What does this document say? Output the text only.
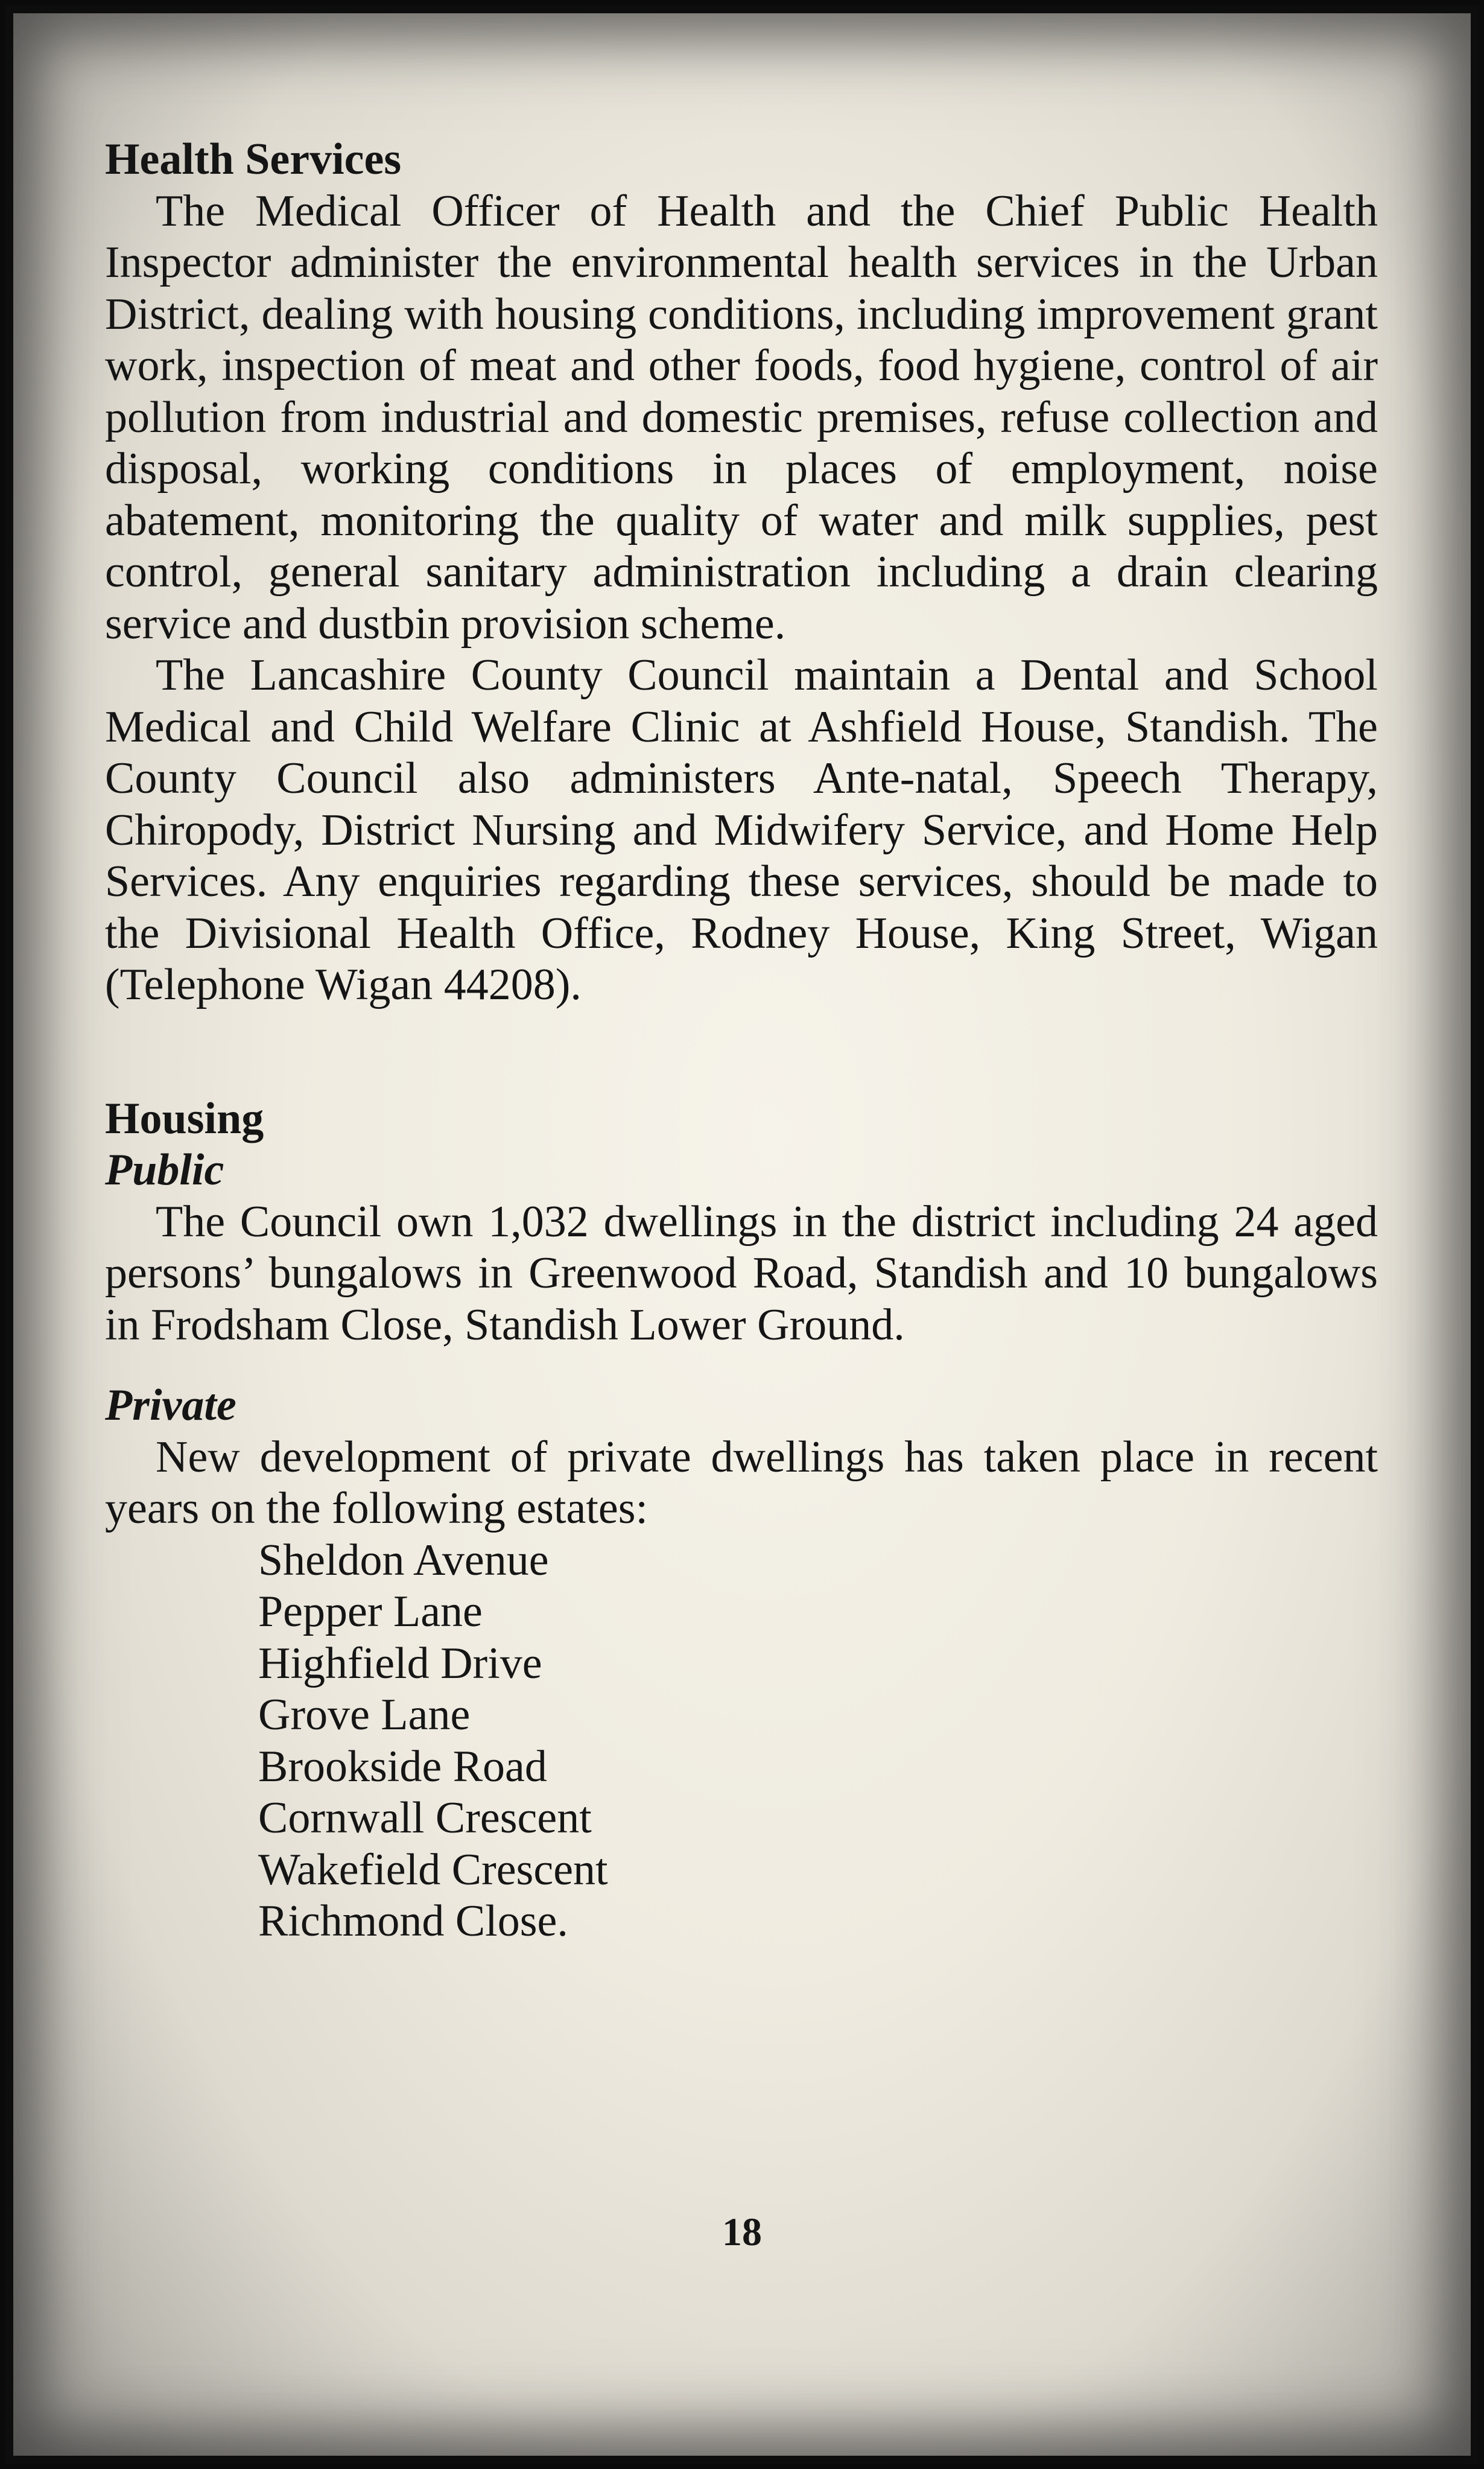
Health Services

The Medical Officer of Health and the Chief Public Health Inspector administer the environmental health services in the Urban District, dealing with housing conditions, including improvement grant work, inspection of meat and other foods, food hygiene, control of air pollution from industrial and domestic premises, refuse collection and disposal, working conditions in places of employment, noise abatement, monitoring the quality of water and milk supplies, pest control, general sanitary administration including a drain clearing service and dustbin provision scheme.

The Lancashire County Council maintain a Dental and School Medical and Child Welfare Clinic at Ashfield House, Standish. The County Council also administers Ante-natal, Speech Therapy, Chiropody, District Nursing and Midwifery Service, and Home Help Services. Any enquiries regarding these services, should be made to the Divisional Health Office, Rodney House, King Street, Wigan (Telephone Wigan 44208).

Housing
Public

The Council own 1,032 dwellings in the district including 24 aged persons’ bungalows in Greenwood Road, Standish and 10 bungalows in Frodsham Close, Standish Lower Ground.

Private

New development of private dwellings has taken place in recent years on the following estates:

Sheldon Avenue
Pepper Lane
Highfield Drive
Grove Lane
Brookside Road
Cornwall Crescent
Wakefield Crescent
Richmond Close.
18
